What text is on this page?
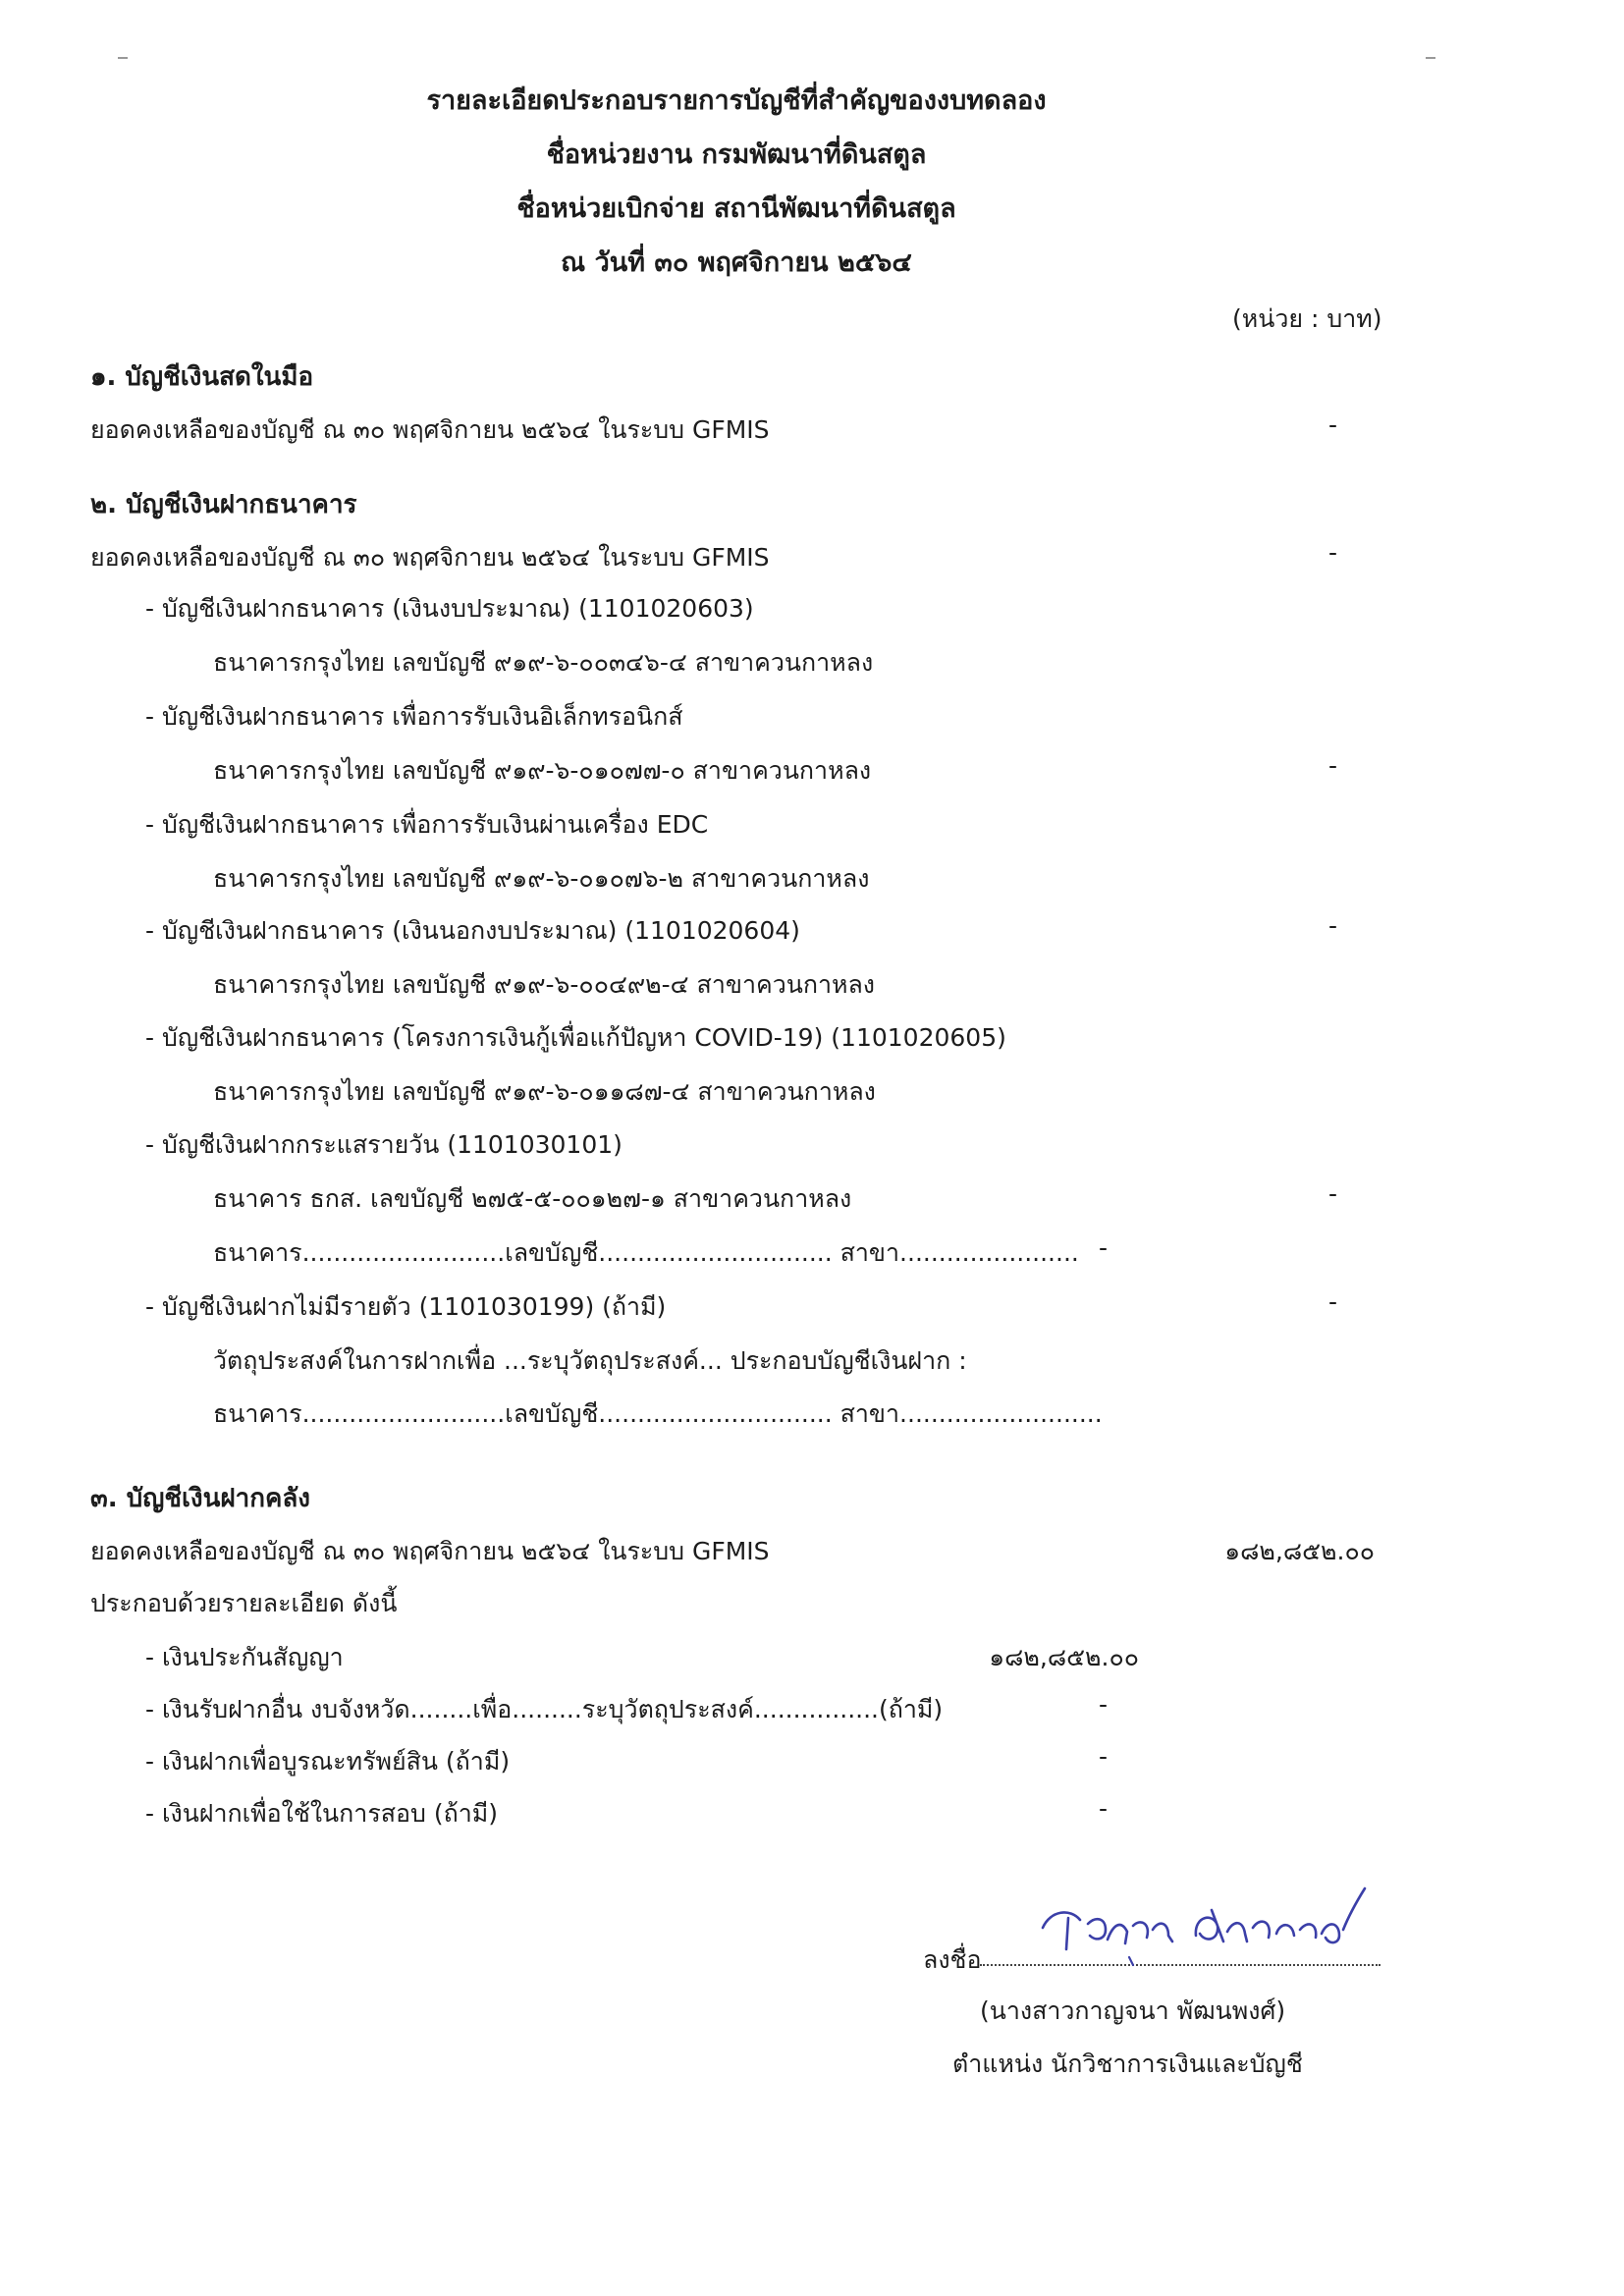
รายละเอียดประกอบรายการบัญชีที่สำคัญของงบทดลอง
ชื่อหน่วยงาน กรมพัฒนาที่ดินสตูล
ชื่อหน่วยเบิกจ่าย สถานีพัฒนาที่ดินสตูล
ณ วันที่ ๓๐ พฤศจิกายน ๒๕๖๔
(หน่วย : บาท)
๑. บัญชีเงินสดในมือ
ยอดคงเหลือของบัญชี ณ ๓๐ พฤศจิกายน ๒๕๖๔ ในระบบ GFMIS	-
๒. บัญชีเงินฝากธนาคาร
ยอดคงเหลือของบัญชี ณ ๓๐ พฤศจิกายน ๒๕๖๔ ในระบบ GFMIS	-
- บัญชีเงินฝากธนาคาร (เงินงบประมาณ) (1101020603)
ธนาคารกรุงไทย เลขบัญชี ๙๑๙-๖-๐๐๓๔๖-๔ สาขาควนกาหลง
- บัญชีเงินฝากธนาคาร เพื่อการรับเงินอิเล็กทรอนิกส์
ธนาคารกรุงไทย เลขบัญชี ๙๑๙-๖-๐๑๐๗๗-๐ สาขาควนกาหลง	-
- บัญชีเงินฝากธนาคาร เพื่อการรับเงินผ่านเครื่อง EDC
ธนาคารกรุงไทย เลขบัญชี ๙๑๙-๖-๐๑๐๗๖-๒ สาขาควนกาหลง
- บัญชีเงินฝากธนาคาร (เงินนอกงบประมาณ) (1101020604)	-
ธนาคารกรุงไทย เลขบัญชี ๙๑๙-๖-๐๐๔๙๒-๔ สาขาควนกาหลง
- บัญชีเงินฝากธนาคาร (โครงการเงินกู้เพื่อแก้ปัญหา COVID-19) (1101020605)
ธนาคารกรุงไทย เลขบัญชี ๙๑๙-๖-๐๑๑๘๗-๔ สาขาควนกาหลง
- บัญชีเงินฝากกระแสรายวัน (1101030101)
ธนาคาร ธกส. เลขบัญชี ๒๗๕-๕-๐๐๑๒๗-๑ สาขาควนกาหลง	-
ธนาคาร..........................เลขบัญชี.............................. สาขา....................... -
- บัญชีเงินฝากไม่มีรายตัว (1101030199) (ถ้ามี)	-
วัตถุประสงค์ในการฝากเพื่อ ...ระบุวัตถุประสงค์... ประกอบบัญชีเงินฝาก :
ธนาคาร..........................เลขบัญชี.............................. สาขา..........................
๓. บัญชีเงินฝากคลัง
ยอดคงเหลือของบัญชี ณ ๓๐ พฤศจิกายน ๒๕๖๔ ในระบบ GFMIS	๑๘๒,๘๕๒.๐๐
ประกอบด้วยรายละเอียด ดังนี้
- เงินประกันสัญญา	๑๘๒,๘๕๒.๐๐
- เงินรับฝากอื่น งบจังหวัด........เพื่อ.........ระบุวัตถุประสงค์................(ถ้ามี)	-
- เงินฝากเพื่อบูรณะทรัพย์สิน (ถ้ามี)	-
- เงินฝากเพื่อใช้ในการสอบ (ถ้ามี)	-
ลงชื่อ
(นางสาวกาญจนา พัฒนพงศ์)
ตำแหน่ง นักวิชาการเงินและบัญชี
